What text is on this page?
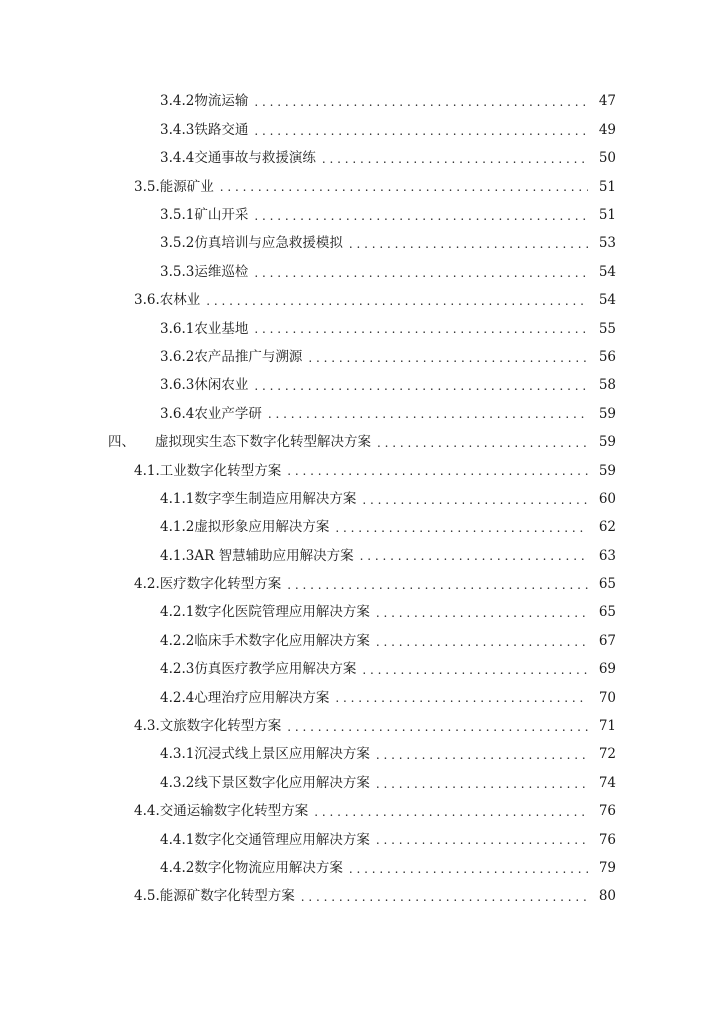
3.4.2 物流运输 . . .	47
3.4.3 铁路交通 . . .	49
3.4.4 交通事故与救援演练 . . .	50
3.5. 能源矿业 . . .	51
3.5.1 矿山开采 . . .	51
3.5.2 仿真培训与应急救援模拟 . . .	53
3.5.3 运维巡检 . . .	54
3.6. 农林业 . . .	54
3.6.1 农业基地 . . .	55
3.6.2 农产品推广与溯源 . . .	56
3.6.3 休闲农业 . . .	58
3.6.4 农业产学研 . . .	59
四、 虚拟现实生态下数字化转型解决方案 . . .	59
4.1. 工业数字化转型方案 . . .	59
4.1.1 数字孪生制造应用解决方案 . . .	60
4.1.2 虚拟形象应用解决方案 . . .	62
4.1.3 AR 智慧辅助应用解决方案 . . .	63
4.2. 医疗数字化转型方案 . . .	65
4.2.1 数字化医院管理应用解决方案 . . .	65
4.2.2 临床手术数字化应用解决方案 . . .	67
4.2.3 仿真医疗教学应用解决方案 . . .	69
4.2.4 心理治疗应用解决方案 . . .	70
4.3. 文旅数字化转型方案 . . .	71
4.3.1 沉浸式线上景区应用解决方案 . . .	72
4.3.2 线下景区数字化应用解决方案 . . .	74
4.4. 交通运输数字化转型方案 . . .	76
4.4.1 数字化交通管理应用解决方案 . . .	76
4.4.2 数字化物流应用解决方案 . . .	79
4.5. 能源矿数字化转型方案 . . .	80
